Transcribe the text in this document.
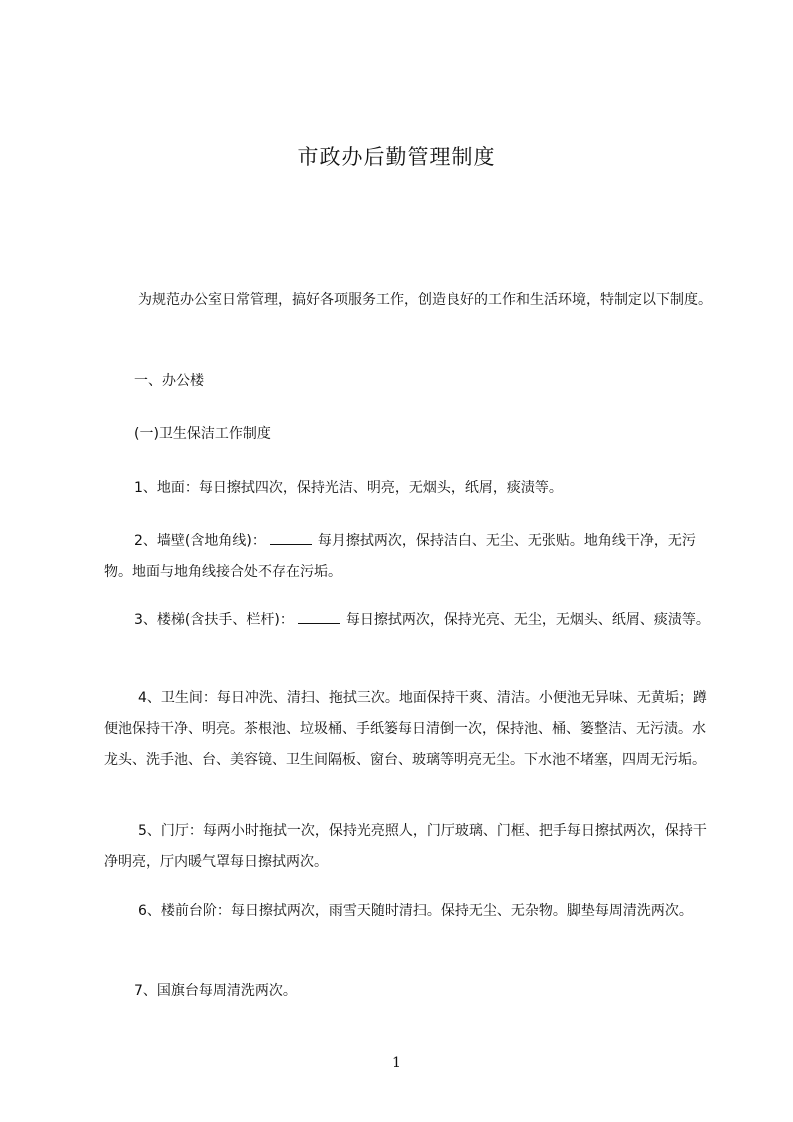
市政办后勤管理制度

为规范办公室日常管理，搞好各项服务工作，创造良好的工作和生活环境，特制定以下制度。

一、办公楼

(一)卫生保洁工作制度

1、地面：每日擦拭四次，保持光洁、明亮，无烟头，纸屑，痰渍等。

2、墙壁(含地角线)：	每月擦拭两次，保持洁白、无尘、无张贴。地角线干净，无污物。地面与地角线接合处不存在污垢。

3、楼梯(含扶手、栏杆)：	每日擦拭两次，保持光亮、无尘，无烟头、纸屑、痰渍等。

4、卫生间：每日冲洗、清扫、拖拭三次。地面保持干爽、清洁。小便池无异味、无黄垢；蹲便池保持干净、明亮。茶根池、垃圾桶、手纸篓每日清倒一次，保持池、桶、篓整洁、无污渍。水龙头、洗手池、台、美容镜、卫生间隔板、窗台、玻璃等明亮无尘。下水池不堵塞，四周无污垢。

5、门厅：每两小时拖拭一次，保持光亮照人，门厅玻璃、门框、把手每日擦拭两次，保持干净明亮，厅内暖气罩每日擦拭两次。

6、楼前台阶：每日擦拭两次，雨雪天随时清扫。保持无尘、无杂物。脚垫每周清洗两次。

7、国旗台每周清洗两次。

1
